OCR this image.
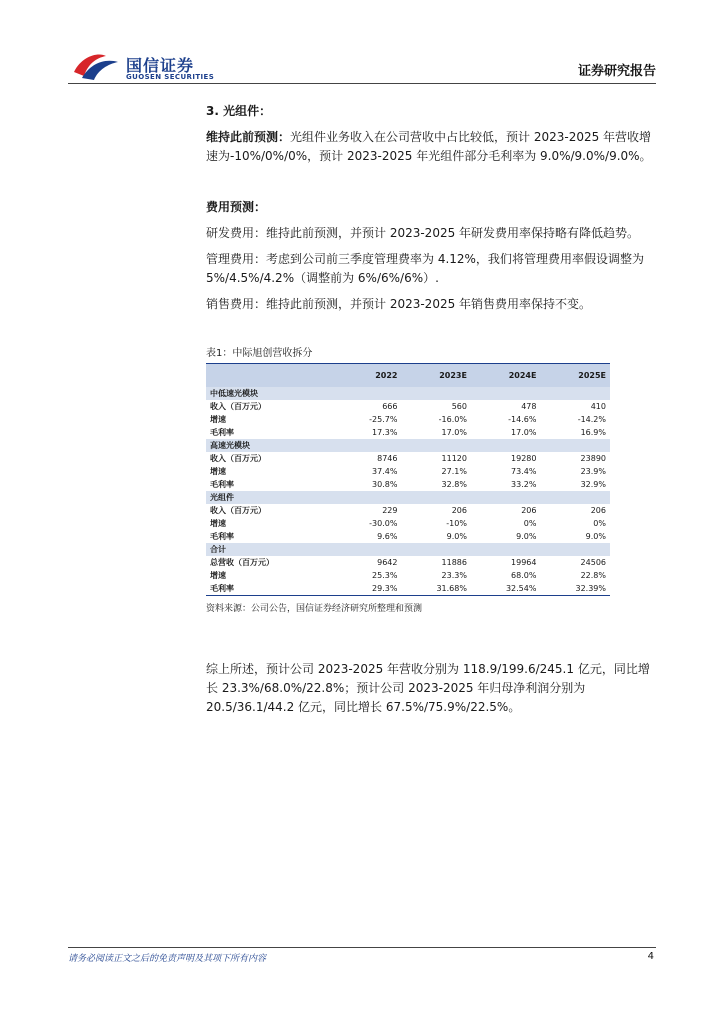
国信证券
GUOSEN SECURITIES	证券研究报告

3. 光组件：

维持此前预测：光组件业务收入在公司营收中占比较低，预计 2023-2025 年营收增速为-10%/0%/0%，预计 2023-2025 年光组件部分毛利率为 9.0%/9.0%/9.0%。

费用预测：

研发费用：维持此前预测，并预计 2023-2025 年研发费用率保持略有降低趋势。

管理费用：考虑到公司前三季度管理费率为 4.12%，我们将管理费用率假设调整为 5%/4.5%/4.2%（调整前为 6%/6%/6%）.

销售费用：维持此前预测，并预计 2023-2025 年销售费用率保持不变。

表1：中际旭创营收拆分

	2022	2023E	2024E	2025E
中低速光模块				
收入（百万元）	666	560	478	410
增速	-25.7%	-16.0%	-14.6%	-14.2%
毛利率	17.3%	17.0%	17.0%	16.9%
高速光模块				
收入（百万元）	8746	11120	19280	23890
增速	37.4%	27.1%	73.4%	23.9%
毛利率	30.8%	32.8%	33.2%	32.9%
光组件				
收入（百万元）	229	206	206	206
增速	-30.0%	-10%	0%	0%
毛利率	9.6%	9.0%	9.0%	9.0%
合计				
总营收（百万元）	9642	11886	19964	24506
增速	25.3%	23.3%	68.0%	22.8%
毛利率	29.3%	31.68%	32.54%	32.39%

资料来源：公司公告，国信证券经济研究所整理和预测

综上所述，预计公司 2023-2025 年营收分别为 118.9/199.6/245.1 亿元，同比增长 23.3%/68.0%/22.8%；预计公司 2023-2025 年归母净利润分别为 20.5/36.1/44.2 亿元，同比增长 67.5%/75.9%/22.5%。

请务必阅读正文之后的免责声明及其项下所有内容	4
